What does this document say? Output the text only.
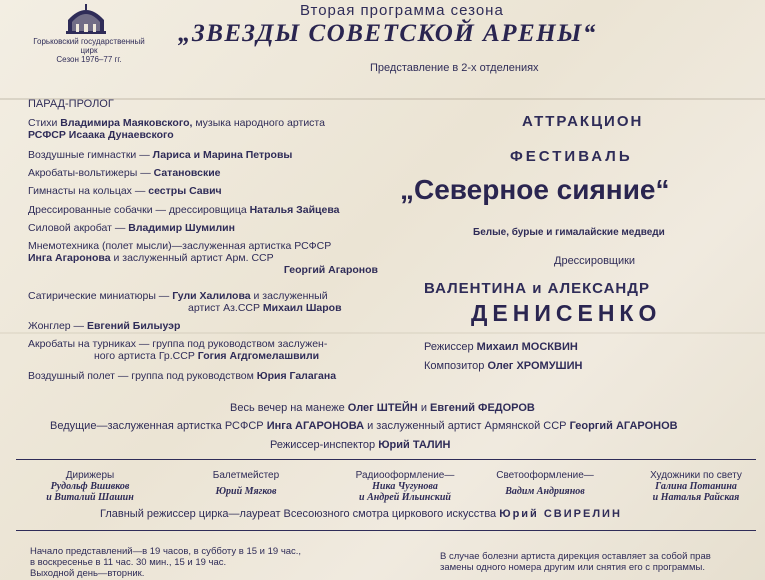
Горьковский государственный
цирк
Сезон 1976–77 гг.
Вторая программа сезона
„ЗВЕЗДЫ СОВЕТСКОЙ АРЕНЫ“
Представление в 2-х отделениях
ПАРАД-ПРОЛОГ
Стихи Владимира Маяковского, музыка народного артиста
РСФСР Исаака Дунаевского
Воздушные гимнастки — Лариса и Марина Петровы
Акробаты-вольтижеры — Сатановские
Гимнасты на кольцах — сестры Савич
Дрессированные собачки — дрессировщица Наталья Зайцева
Силовой акробат — Владимир Шумилин
Мнемотехника (полет мысли)—заслуженная артистка РСФСР
Инга Агаронова и заслуженный артист Арм. ССР
Георгий Агаронов
Сатирические миниатюры — Гули Халилова и заслуженный
артист Аз.ССР Михаил Шаров
Жонглер — Евгений Билыуэр
Акробаты на турниках — группа под руководством заслужен-
ного артиста Гр.ССР Гогия Агдгомелашвили
Воздушный полет — группа под руководством Юрия Галагана
АТТРАКЦИОН
ФЕСТИВАЛЬ
„Северное сияние“
Белые, бурые и гималайские медведи
Дрессировщики
ВАЛЕНТИНА и АЛЕКСАНДР
ДЕНИСЕНКО
Режиссер Михаил МОСКВИН
Композитор Олег ХРОМУШИН
Весь вечер на манеже Олег ШТЕЙН и Евгений ФЕДОРОВ
Ведущие—заслуженная артистка РСФСР Инга АГАРОНОВА и заслуженный артист Армянской ССР Георгий АГАРОНОВ
Режиссер-инспектор Юрий ТАЛИН
Дирижеры
Рудольф Вшивков
и Виталий Шашин
Балетмейстер
Юрий Мягков
Радиооформление—
Ника Чугунова
и Андрей Ильинский
Светооформление—
Вадим Андриянов
Художники по свету
Галина Потанина
и Наталья Райская
Главный режиссер цирка—лауреат Всесоюзного смотра циркового искусства Юрий СВИРЕЛИН
Начало представлений—в 19 часов, в субботу в 15 и 19 час.,
в воскресенье в 11 час. 30 мин., 15 и 19 час.
Выходной день—вторник.
В случае болезни артиста дирекция оставляет за собой прав
замены одного номера другим или снятия его с программы.
